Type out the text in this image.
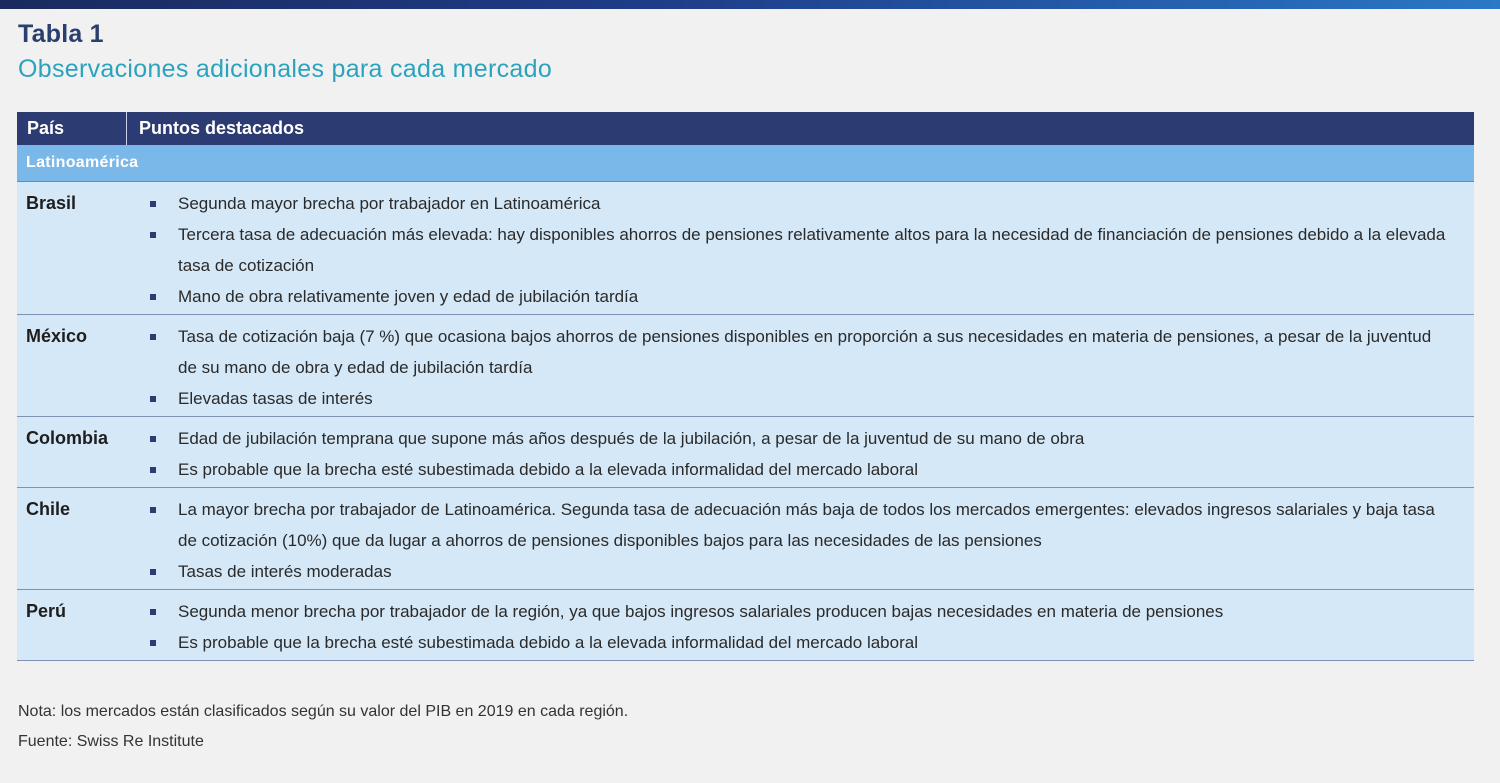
Tabla 1
Observaciones adicionales para cada mercado
País	Puntos destacados
Latinoamérica
Brasil	Segunda mayor brecha por trabajador en Latinoamérica
Tercera tasa de adecuación más elevada: hay disponibles ahorros de pensiones relativamente altos para la necesidad de financiación de pensiones debido a la elevada tasa de cotización
Mano de obra relativamente joven y edad de jubilación tardía
México	Tasa de cotización baja (7 %) que ocasiona bajos ahorros de pensiones disponibles en proporción a sus necesidades en materia de pensiones, a pesar de la juventud de su mano de obra y edad de jubilación tardía
Elevadas tasas de interés
Colombia	Edad de jubilación temprana que supone más años después de la jubilación, a pesar de la juventud de su mano de obra
Es probable que la brecha esté subestimada debido a la elevada informalidad del mercado laboral
Chile	La mayor brecha por trabajador de Latinoamérica. Segunda tasa de adecuación más baja de todos los mercados emergentes: elevados ingresos salariales y baja tasa de cotización (10%) que da lugar a ahorros de pensiones disponibles bajos para las necesidades de las pensiones
Tasas de interés moderadas
Perú	Segunda menor brecha por trabajador de la región, ya que bajos ingresos salariales producen bajas necesidades en materia de pensiones
Es probable que la brecha esté subestimada debido a la elevada informalidad del mercado laboral
Nota: los mercados están clasificados según su valor del PIB en 2019 en cada región.
Fuente: Swiss Re Institute
